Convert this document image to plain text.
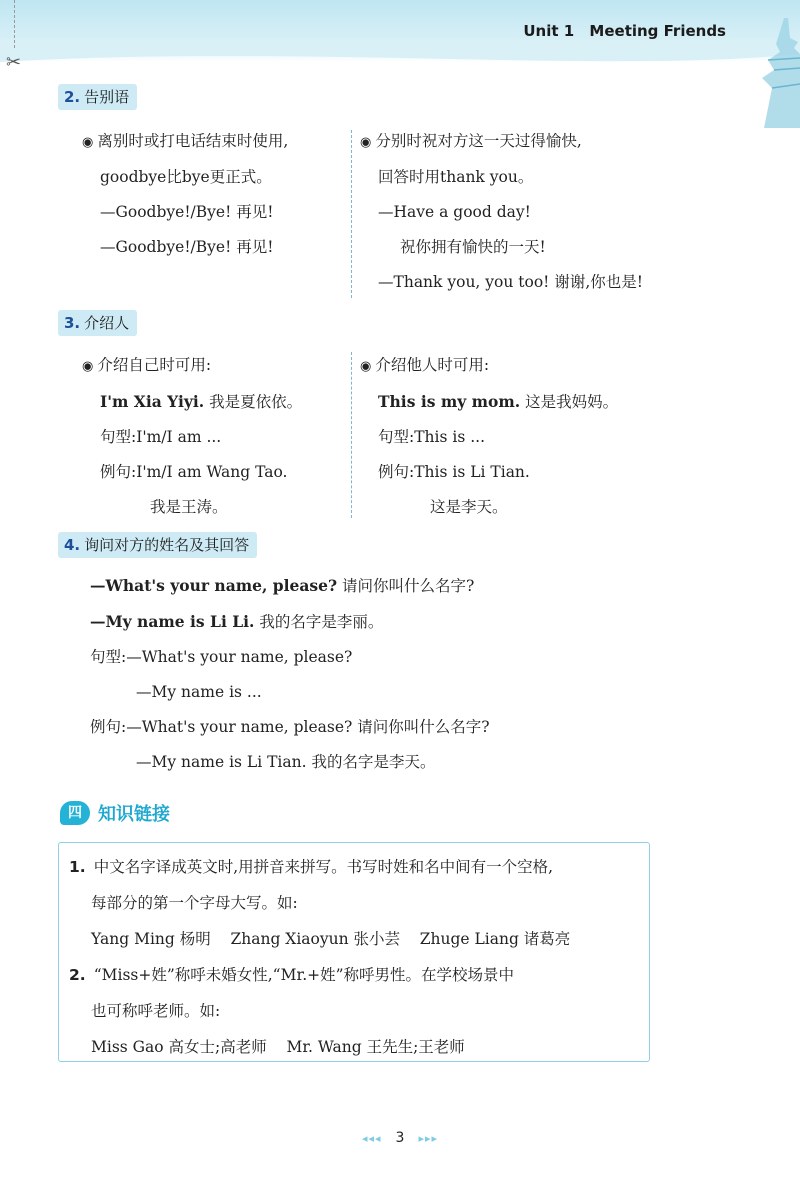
✂
Unit 1 Meeting Friends
2. 告别语
◉ 离别时或打电话结束时使用,
goodbye比bye更正式。
—Goodbye!/Bye! 再见!
—Goodbye!/Bye! 再见!
◉ 分别时祝对方这一天过得愉快,
回答时用thank you。
—Have a good day!
祝你拥有愉快的一天!
—Thank you, you too! 谢谢,你也是!
3. 介绍人
◉ 介绍自己时可用:
I'm Xia Yiyi. 我是夏依依。
句型:I'm/I am ...
例句:I'm/I am Wang Tao.
我是王涛。
◉ 介绍他人时可用:
This is my mom. 这是我妈妈。
句型:This is ...
例句:This is Li Tian.
这是李天。
4. 询问对方的姓名及其回答
—What's your name, please? 请问你叫什么名字?
—My name is Li Li. 我的名字是李丽。
句型:—What's your name, please?
—My name is ...
例句:—What's your name, please? 请问你叫什么名字?
—My name is Li Tian. 我的名字是李天。
四 知识链接
1. 中文名字译成英文时,用拼音来拼写。书写时姓和名中间有一个空格,
每部分的第一个字母大写。如:
Yang Ming 杨明    Zhang Xiaoyun 张小芸    Zhuge Liang 诸葛亮
2. “Miss+姓”称呼未婚女性,“Mr.+姓”称呼男性。在学校场景中
也可称呼老师。如:
Miss Gao 高女士;高老师    Mr. Wang 王先生;王老师
◂◂◂ 3 ▸▸▸
